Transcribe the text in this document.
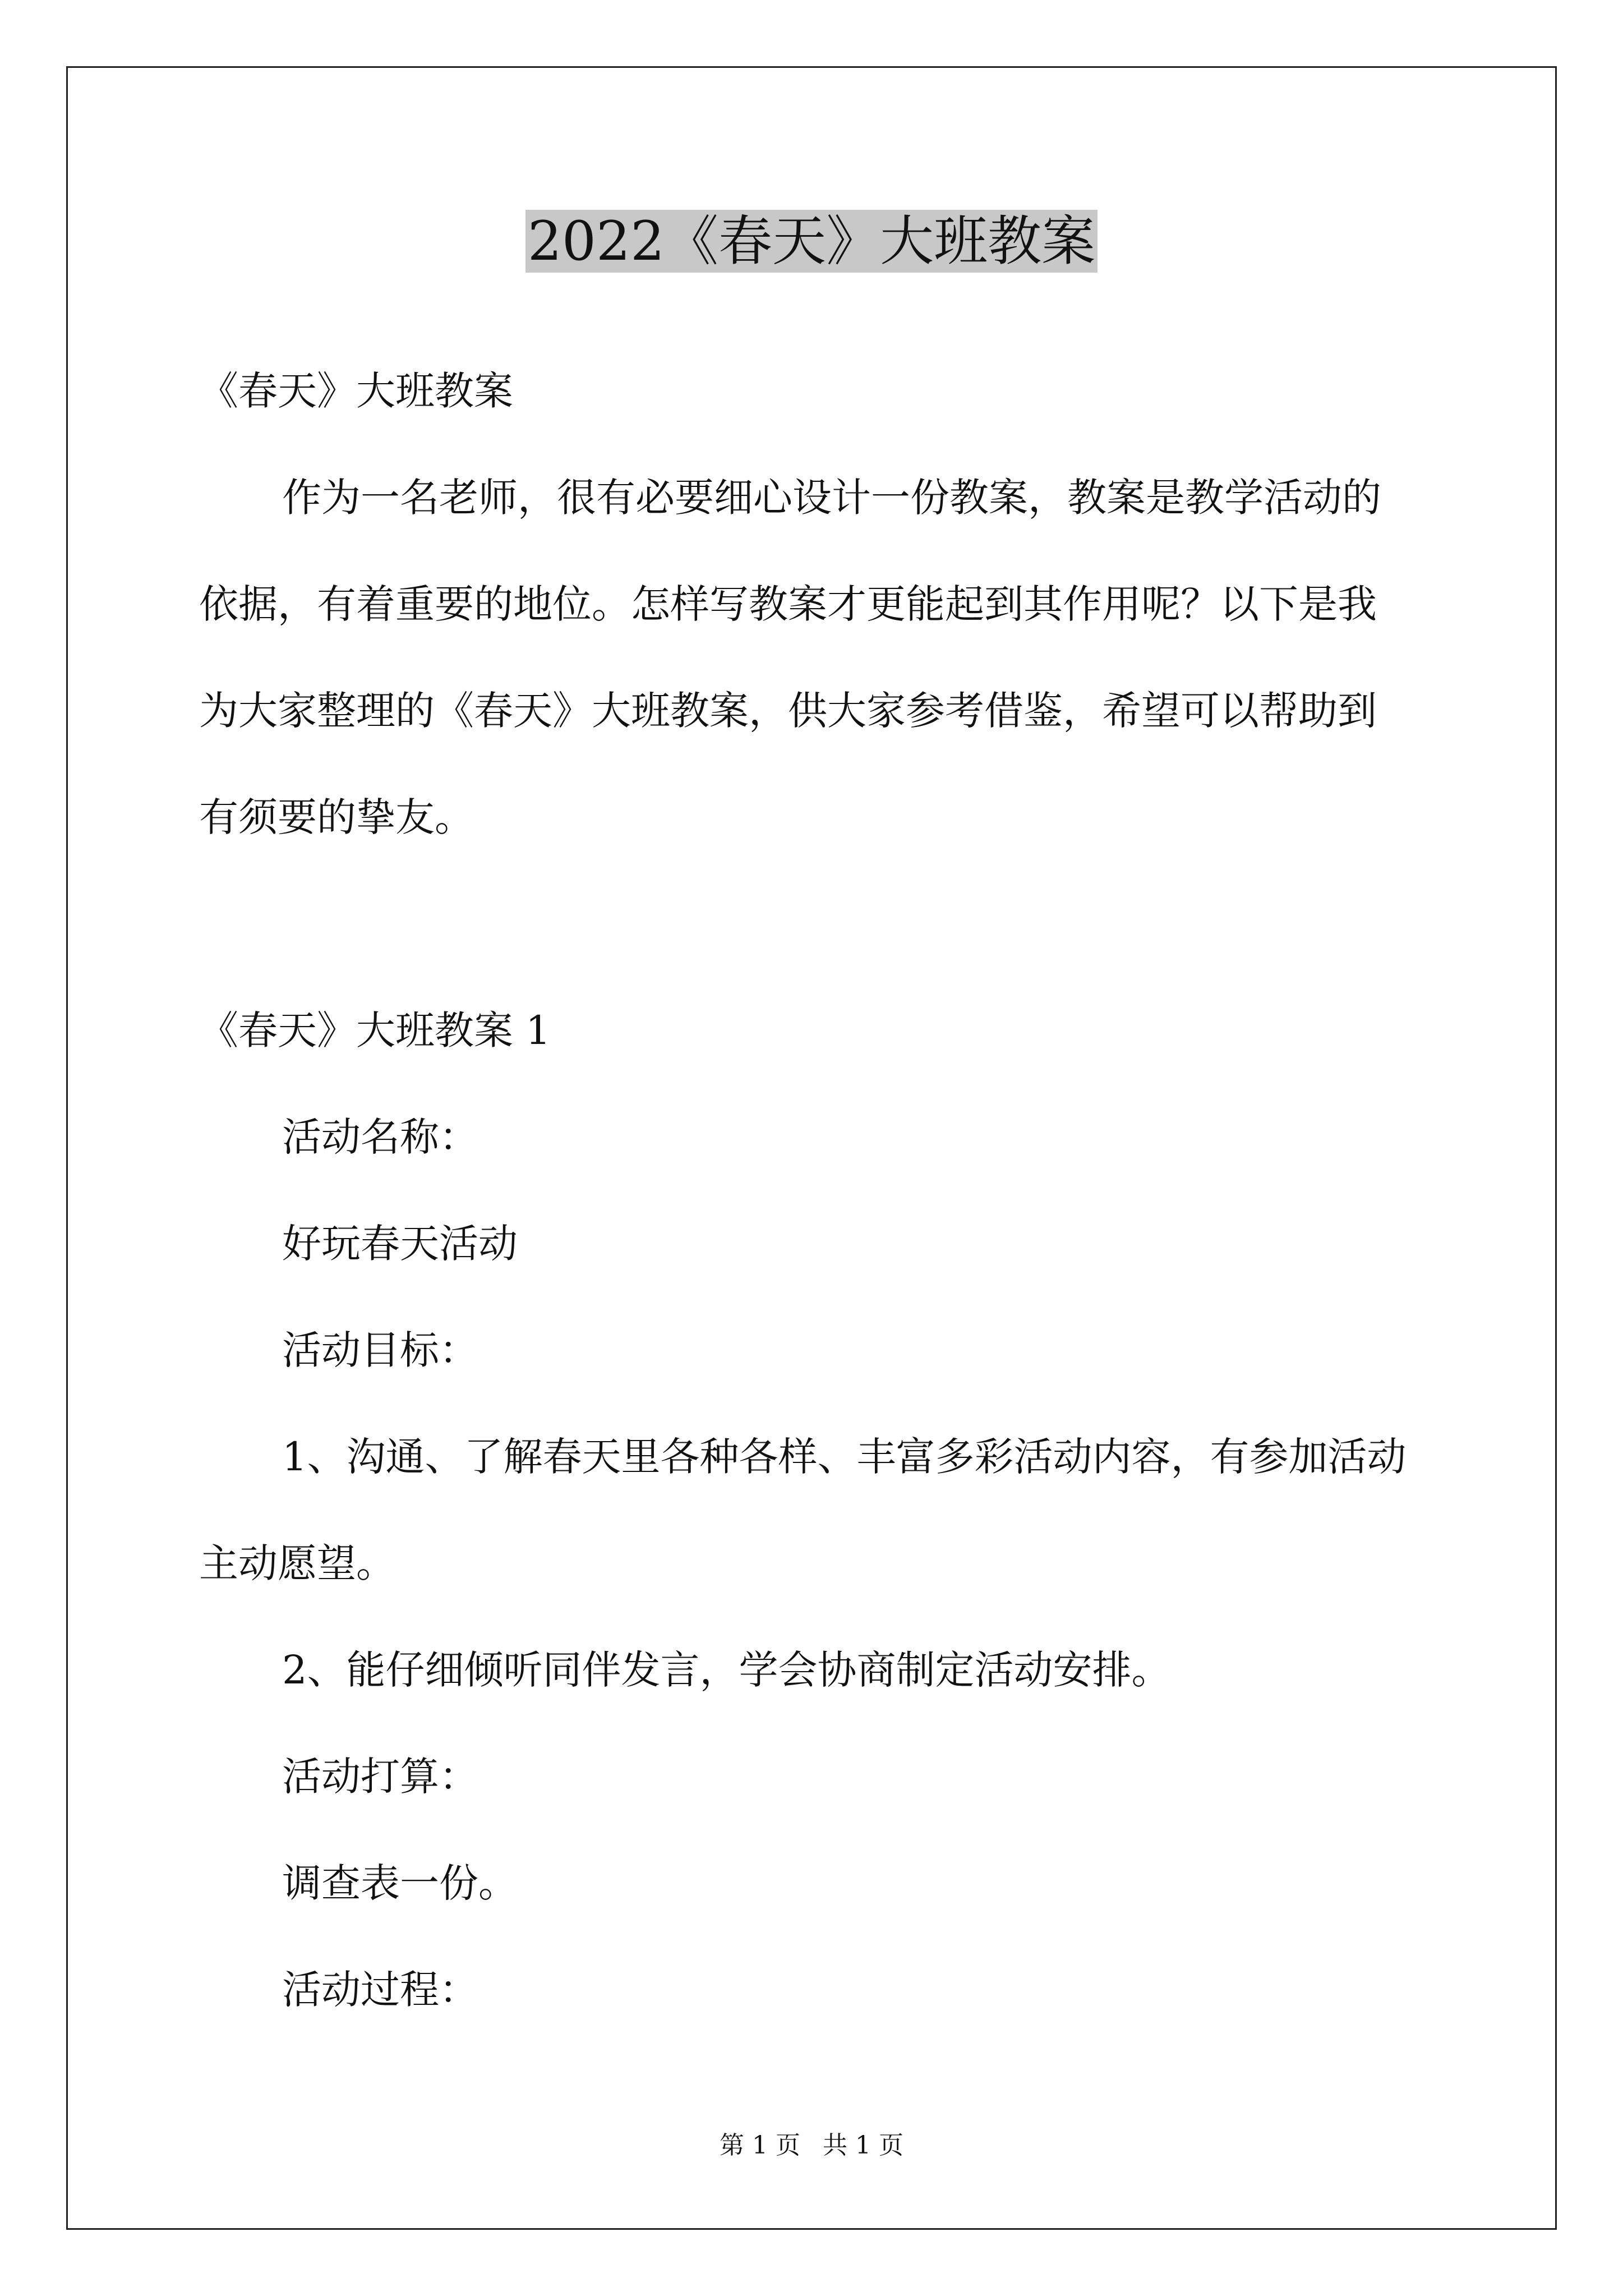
2022《春天》大班教案
《春天》大班教案
作为一名老师，很有必要细心设计一份教案，教案是教学活动的
依据，有着重要的地位。怎样写教案才更能起到其作用呢？以下是我
为大家整理的《春天》大班教案，供大家参考借鉴，希望可以帮助到
有须要的挚友。
《春天》大班教案 1
活动名称：
好玩春天活动
活动目标：
1、沟通、了解春天里各种各样、丰富多彩活动内容，有参加活动
主动愿望。
2、能仔细倾听同伴发言，学会协商制定活动安排。
活动打算：
调查表一份。
活动过程：
第 1 页 共 1 页
